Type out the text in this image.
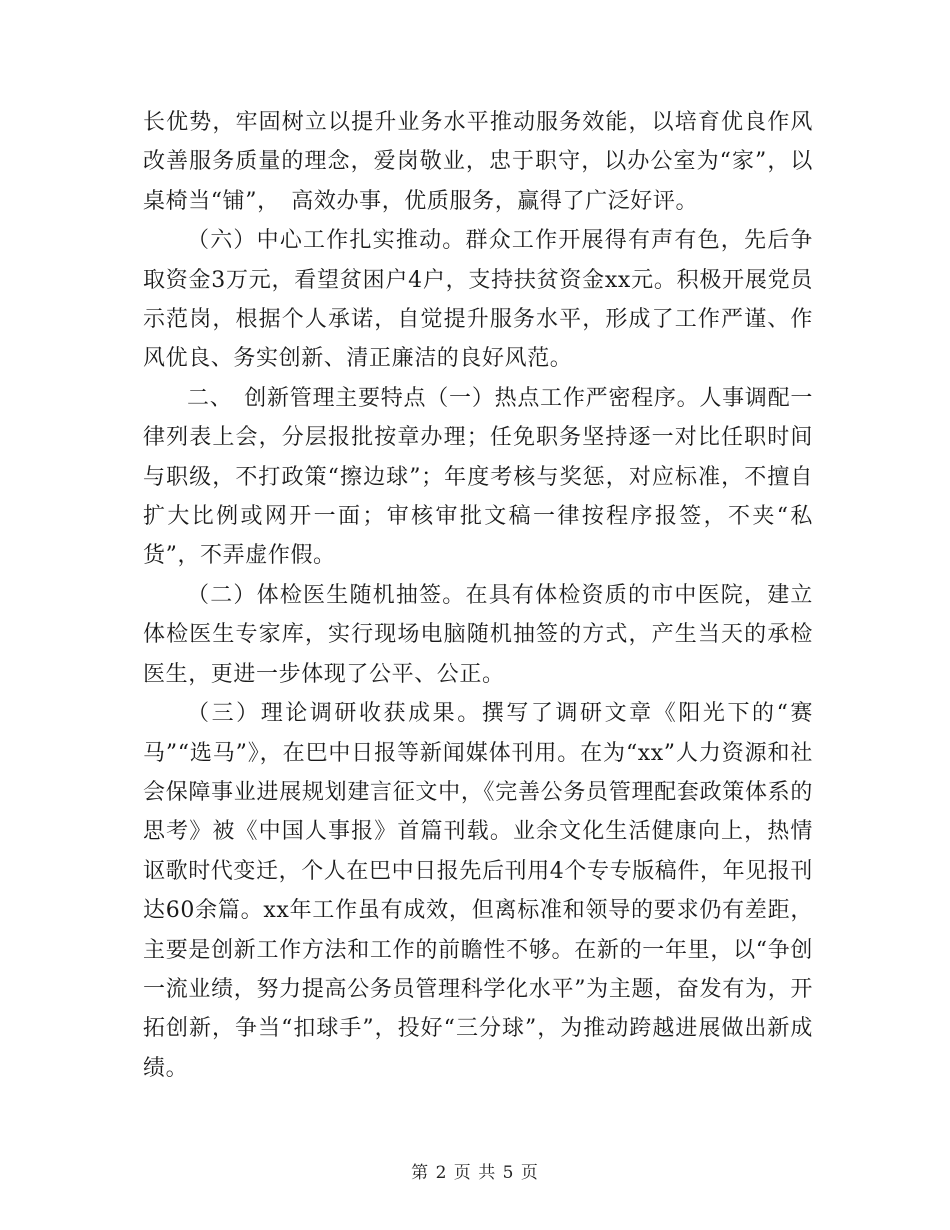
长优势，牢固树立以提升业务水平推动服务效能，以培育优良作风改善服务质量的理念，爱岗敬业，忠于职守，以办公室为“家”，以桌椅当“铺”，　高效办事，优质服务，赢得了广泛好评。

（六）中心工作扎实推动。群众工作开展得有声有色，先后争取资金3万元，看望贫困户4户，支持扶贫资金xx元。积极开展党员示范岗，根据个人承诺，自觉提升服务水平，形成了工作严谨、作风优良、务实创新、清正廉洁的良好风范。

二、　创新管理主要特点（一）热点工作严密程序。人事调配一律列表上会，分层报批按章办理；任免职务坚持逐一对比任职时间与职级，不打政策“擦边球”；年度考核与奖惩，对应标准，不擅自扩大比例或网开一面；审核审批文稿一律按程序报签，不夹“私货”，不弄虚作假。

（二）体检医生随机抽签。在具有体检资质的市中医院，建立体检医生专家库，实行现场电脑随机抽签的方式，产生当天的承检医生，更进一步体现了公平、公正。

（三）理论调研收获成果。撰写了调研文章《阳光下的“赛马”“选马”》，在巴中日报等新闻媒体刊用。在为“xx”人力资源和社会保障事业进展规划建言征文中，《完善公务员管理配套政策体系的思考》被《中国人事报》首篇刊载。业余文化生活健康向上，热情讴歌时代变迁，个人在巴中日报先后刊用4个专专版稿件，年见报刊达60余篇。xx年工作虽有成效，但离标准和领导的要求仍有差距，主要是创新工作方法和工作的前瞻性不够。在新的一年里，以“争创一流业绩，努力提高公务员管理科学化水平”为主题，奋发有为，开拓创新，争当“扣球手”，投好“三分球”，为推动跨越进展做出新成绩。

第 2 页 共 5 页
